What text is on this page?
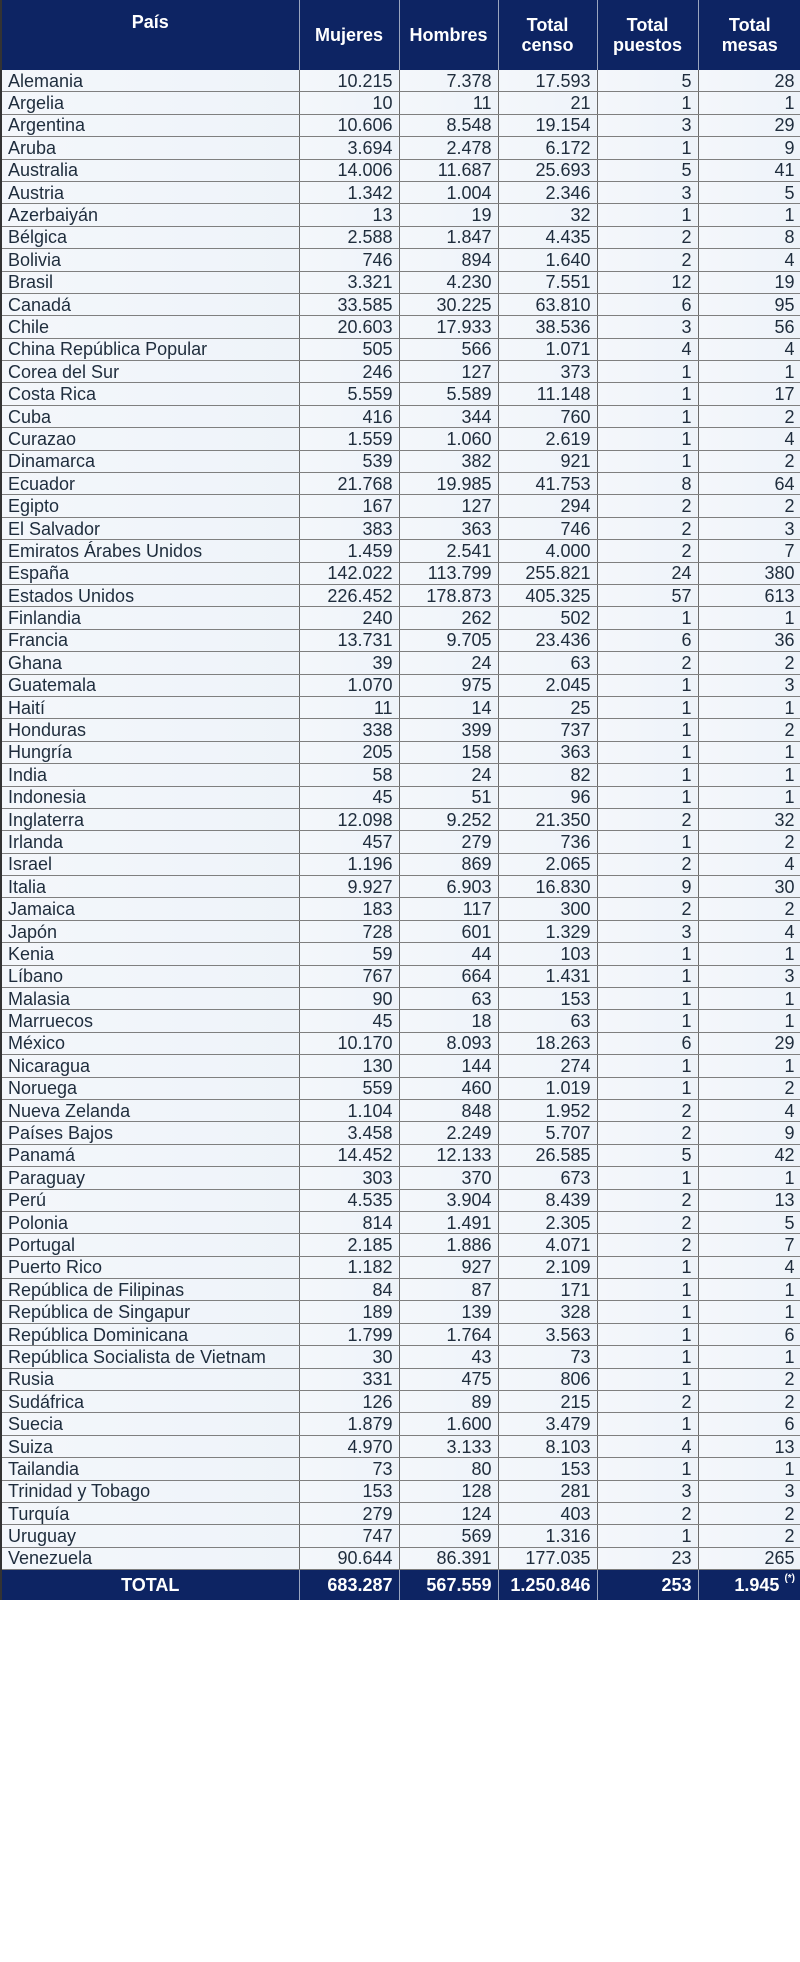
País	Mujeres	Hombres	Total censo	Total puestos	Total mesas
Alemania	10.215	7.378	17.593	5	28
Argelia	10	11	21	1	1
Argentina	10.606	8.548	19.154	3	29
Aruba	3.694	2.478	6.172	1	9
Australia	14.006	11.687	25.693	5	41
Austria	1.342	1.004	2.346	3	5
Azerbaiyán	13	19	32	1	1
Bélgica	2.588	1.847	4.435	2	8
Bolivia	746	894	1.640	2	4
Brasil	3.321	4.230	7.551	12	19
Canadá	33.585	30.225	63.810	6	95
Chile	20.603	17.933	38.536	3	56
China República Popular	505	566	1.071	4	4
Corea del Sur	246	127	373	1	1
Costa Rica	5.559	5.589	11.148	1	17
Cuba	416	344	760	1	2
Curazao	1.559	1.060	2.619	1	4
Dinamarca	539	382	921	1	2
Ecuador	21.768	19.985	41.753	8	64
Egipto	167	127	294	2	2
El Salvador	383	363	746	2	3
Emiratos Árabes Unidos	1.459	2.541	4.000	2	7
España	142.022	113.799	255.821	24	380
Estados Unidos	226.452	178.873	405.325	57	613
Finlandia	240	262	502	1	1
Francia	13.731	9.705	23.436	6	36
Ghana	39	24	63	2	2
Guatemala	1.070	975	2.045	1	3
Haití	11	14	25	1	1
Honduras	338	399	737	1	2
Hungría	205	158	363	1	1
India	58	24	82	1	1
Indonesia	45	51	96	1	1
Inglaterra	12.098	9.252	21.350	2	32
Irlanda	457	279	736	1	2
Israel	1.196	869	2.065	2	4
Italia	9.927	6.903	16.830	9	30
Jamaica	183	117	300	2	2
Japón	728	601	1.329	3	4
Kenia	59	44	103	1	1
Líbano	767	664	1.431	1	3
Malasia	90	63	153	1	1
Marruecos	45	18	63	1	1
México	10.170	8.093	18.263	6	29
Nicaragua	130	144	274	1	1
Noruega	559	460	1.019	1	2
Nueva Zelanda	1.104	848	1.952	2	4
Países Bajos	3.458	2.249	5.707	2	9
Panamá	14.452	12.133	26.585	5	42
Paraguay	303	370	673	1	1
Perú	4.535	3.904	8.439	2	13
Polonia	814	1.491	2.305	2	5
Portugal	2.185	1.886	4.071	2	7
Puerto Rico	1.182	927	2.109	1	4
República de Filipinas	84	87	171	1	1
República de Singapur	189	139	328	1	1
República Dominicana	1.799	1.764	3.563	1	6
República Socialista de Vietnam	30	43	73	1	1
Rusia	331	475	806	1	2
Sudáfrica	126	89	215	2	2
Suecia	1.879	1.600	3.479	1	6
Suiza	4.970	3.133	8.103	4	13
Tailandia	73	80	153	1	1
Trinidad y Tobago	153	128	281	3	3
Turquía	279	124	403	2	2
Uruguay	747	569	1.316	1	2
Venezuela	90.644	86.391	177.035	23	265
TOTAL	683.287	567.559	1.250.846	253	1.945 (*)
